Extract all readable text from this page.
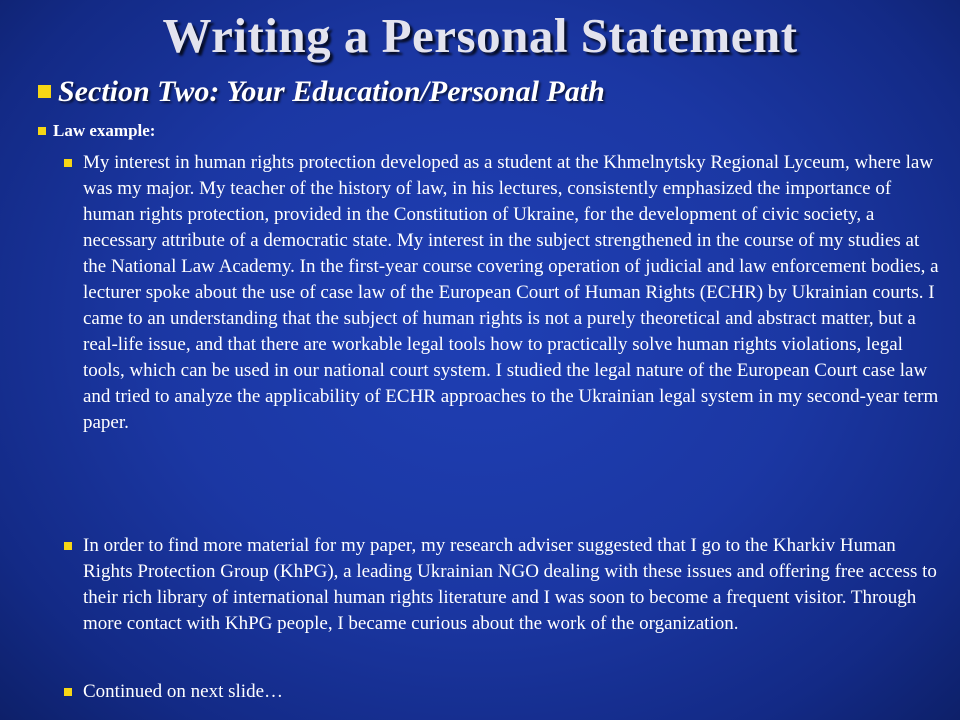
Writing a Personal Statement
Section Two: Your Education/Personal Path
Law example:
My interest in human rights protection developed as a student at the Khmelnytsky Regional Lyceum, where law was my major. My teacher of the history of law, in his lectures, consistently emphasized the importance of human rights protection, provided in the Constitution of Ukraine, for the development of civic society, a necessary attribute of a democratic state. My interest in the subject strengthened in the course of my studies at the National Law Academy. In the first-year course covering operation of judicial and law enforcement bodies, a lecturer spoke about the use of case law of the European Court of Human Rights (ECHR) by Ukrainian courts. I came to an understanding that the subject of human rights is not a purely theoretical and abstract matter, but a real-life issue, and that there are workable legal tools how to practically solve human rights violations, legal tools, which can be used in our national court system. I studied the legal nature of the European Court case law and tried to analyze the applicability of ECHR approaches to the Ukrainian legal system in my second-year term paper.
In order to find more material for my paper, my research adviser suggested that I go to the Kharkiv Human Rights Protection Group (KhPG), a leading Ukrainian NGO dealing with these issues and offering free access to their rich library of international human rights literature and I was soon to become a frequent visitor. Through more contact with KhPG people, I became curious about the work of the organization.
Continued on next slide…
